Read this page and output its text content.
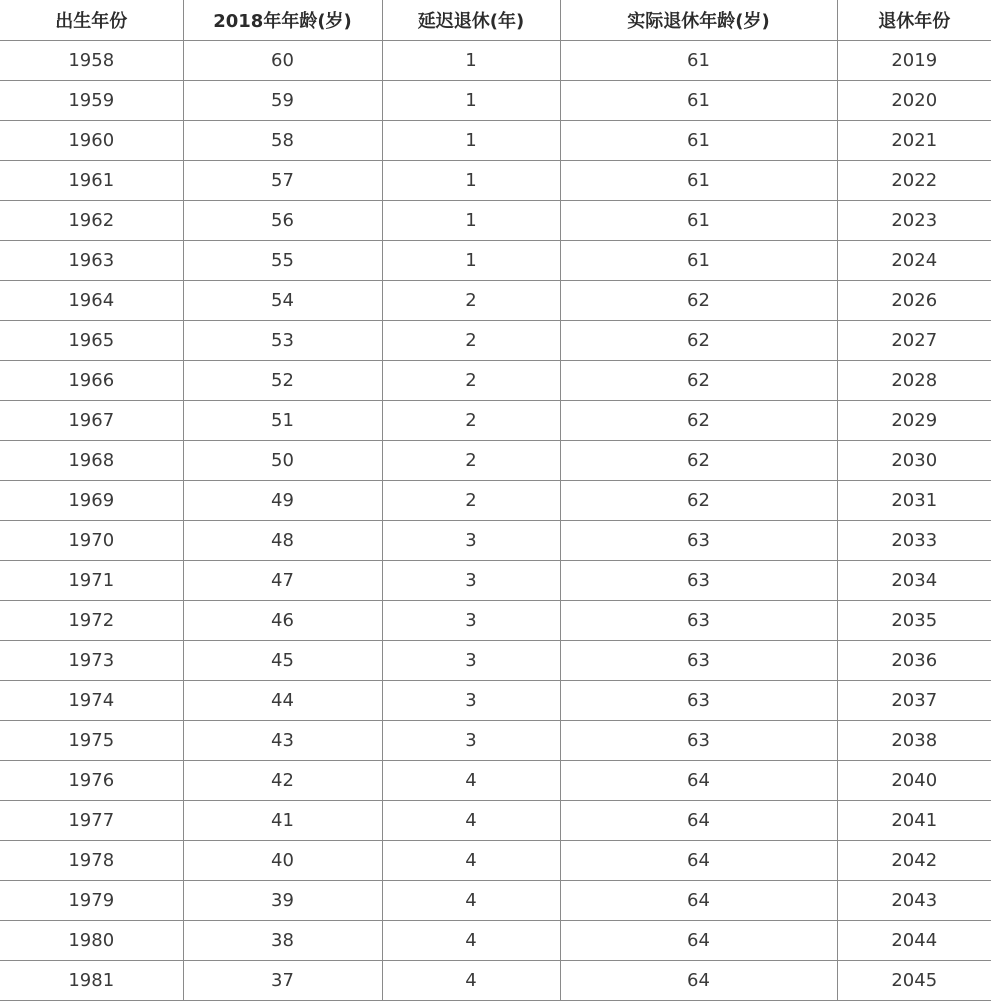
出生年份	2018年年龄(岁)	延迟退休(年)	实际退休年龄(岁)	退休年份
1958	60	1	61	2019
1959	59	1	61	2020
1960	58	1	61	2021
1961	57	1	61	2022
1962	56	1	61	2023
1963	55	1	61	2024
1964	54	2	62	2026
1965	53	2	62	2027
1966	52	2	62	2028
1967	51	2	62	2029
1968	50	2	62	2030
1969	49	2	62	2031
1970	48	3	63	2033
1971	47	3	63	2034
1972	46	3	63	2035
1973	45	3	63	2036
1974	44	3	63	2037
1975	43	3	63	2038
1976	42	4	64	2040
1977	41	4	64	2041
1978	40	4	64	2042
1979	39	4	64	2043
1980	38	4	64	2044
1981	37	4	64	2045
